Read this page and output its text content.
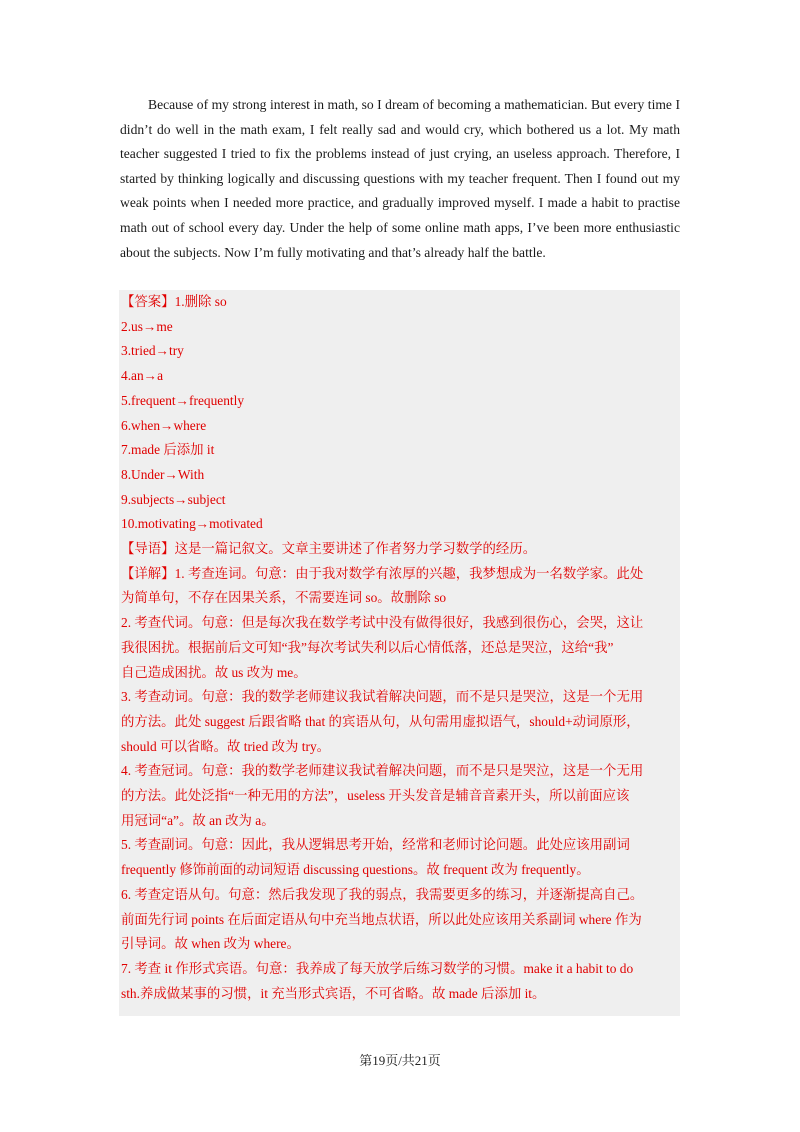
Because of my strong interest in math, so I dream of becoming a mathematician. But every time I didn’t do well in the math exam, I felt really sad and would cry, which bothered us a lot. My math teacher suggested I tried to fix the problems instead of just crying, an useless approach. Therefore, I started by thinking logically and discussing questions with my teacher frequent. Then I found out my weak points when I needed more practice, and gradually improved myself. I made a habit to practise math out of school every day. Under the help of some online math apps, I’ve been more enthusiastic about the subjects. Now I’m fully motivating and that’s already half the battle.

【答案】1.删除 so
2.us→me
3.tried→try
4.an→a
5.frequent→frequently
6.when→where
7.made 后添加 it
8.Under→With
9.subjects→subject
10.motivating→motivated
【导语】这是一篇记叙文。文章主要讲述了作者努力学习数学的经历。
【详解】1. 考查连词。句意：由于我对数学有浓厚的兴趣，我梦想成为一名数学家。此处
为简单句，不存在因果关系，不需要连词 so。故删除 so
2. 考查代词。句意：但是每次我在数学考试中没有做得很好，我感到很伤心，会哭，这让
我很困扰。根据前后文可知“我”每次考试失利以后心情低落，还总是哭泣，这给“我”
自己造成困扰。故 us 改为 me。
3. 考查动词。句意：我的数学老师建议我试着解决问题，而不是只是哭泣，这是一个无用
的方法。此处 suggest 后跟省略 that 的宾语从句，从句需用虚拟语气，should+动词原形，
should 可以省略。故 tried 改为 try。
4. 考查冠词。句意：我的数学老师建议我试着解决问题，而不是只是哭泣，这是一个无用
的方法。此处泛指“一种无用的方法”，useless 开头发音是辅音音素开头，所以前面应该
用冠词“a”。故 an 改为 a。
5. 考查副词。句意：因此，我从逻辑思考开始，经常和老师讨论问题。此处应该用副词
frequently 修饰前面的动词短语 discussing questions。故 frequent 改为 frequently。
6. 考查定语从句。句意：然后我发现了我的弱点，我需要更多的练习，并逐渐提高自己。
前面先行词 points 在后面定语从句中充当地点状语，所以此处应该用关系副词 where 作为
引导词。故 when 改为 where。
7. 考查 it 作形式宾语。句意：我养成了每天放学后练习数学的习惯。make it a habit to do
sth.养成做某事的习惯，it 充当形式宾语，不可省略。故 made 后添加 it。
第19页/共21页
